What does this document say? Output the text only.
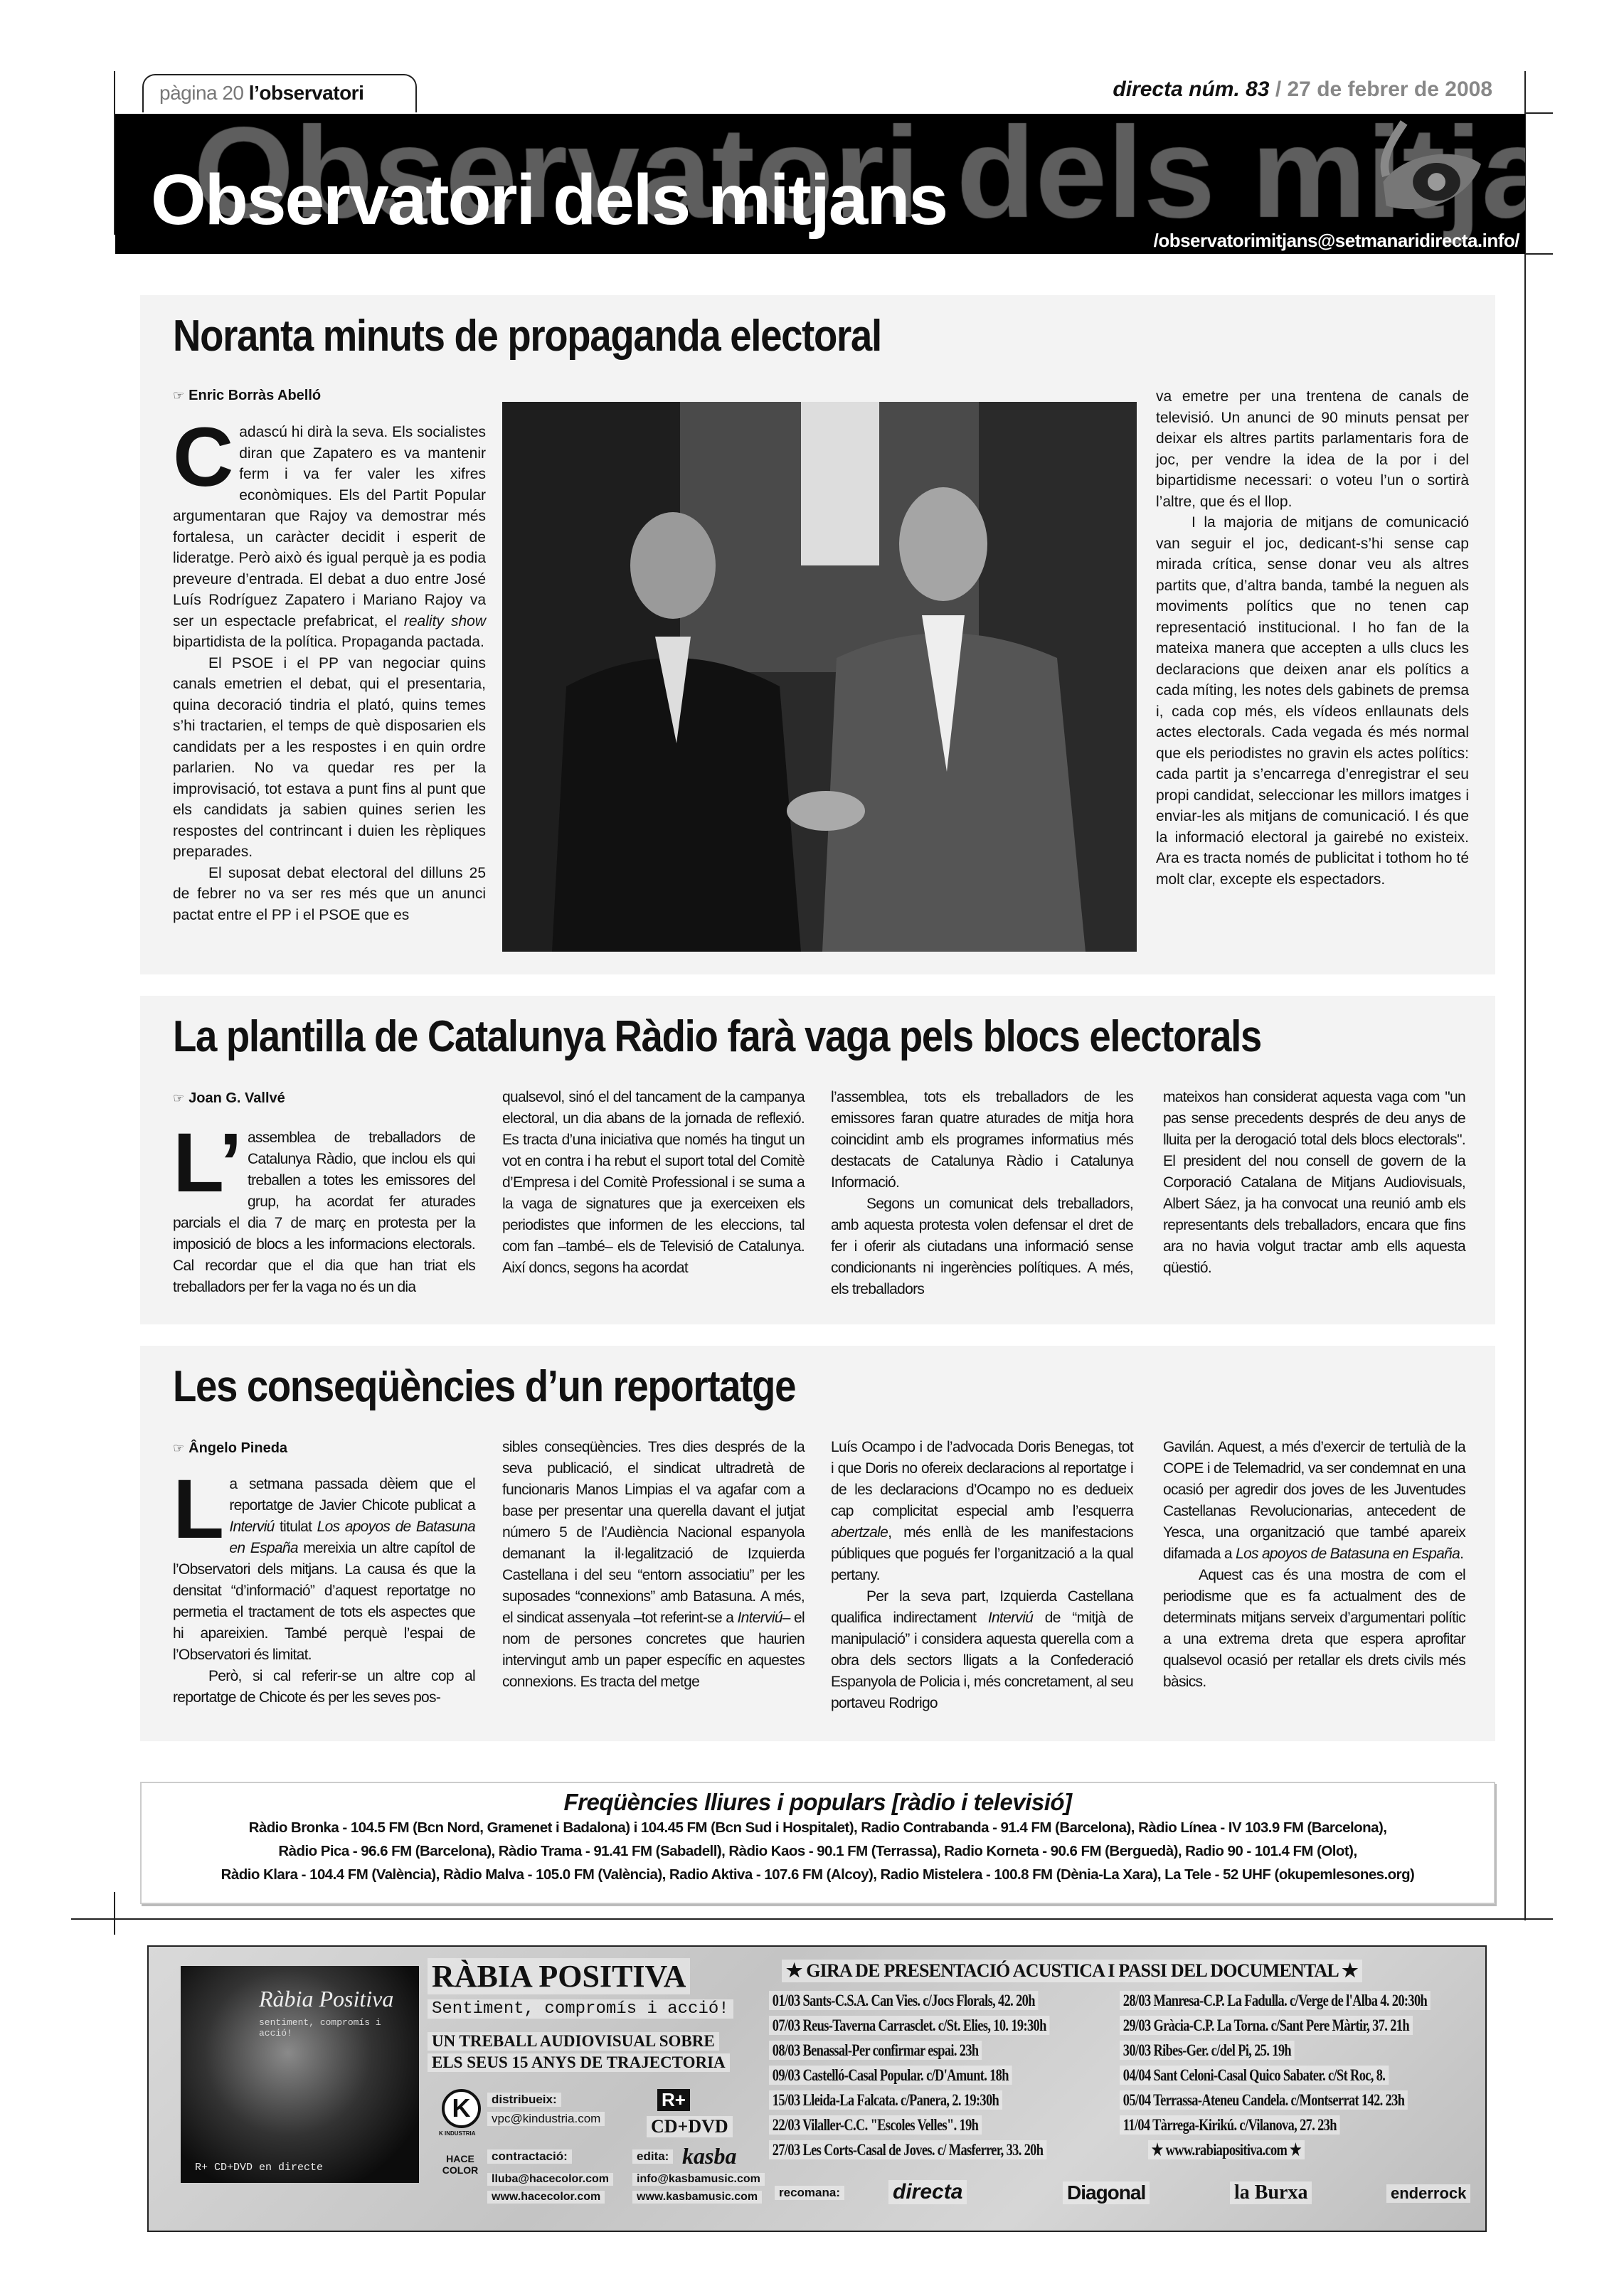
pàgina 20 l’observatori	directa núm. 83 / 27 de febrer de 2008
Observatori dels mitjans
/observatorimitjans@setmanaridirecta.info/
Noranta minuts de propaganda electoral
☞ Enric Borràs Abelló

Cadascú hi dirà la seva. Els socialistes diran que Zapatero es va mantenir ferm i va fer valer les xifres econòmiques. Els del Partit Popular argumentaran que Rajoy va demostrar més fortalesa, un caràcter decidit i esperit de lideratge. Però això és igual perquè ja es podia preveure d’entrada. El debat a duo entre José Luís Rodríguez Zapatero i Mariano Rajoy va ser un espectacle prefabricat, el reality show bipartidista de la política. Propaganda pactada.

El PSOE i el PP van negociar quins canals emetrien el debat, qui el presentaria, quina decoració tindria el plató, quins temes s’hi tractarien, el temps de què disposarien els candidats per a les respostes i en quin ordre parlarien. No va quedar res per la improvisació, tot estava a punt fins al punt que els candidats ja sabien quines serien les respostes del contrincant i duien les rèpliques preparades.

El suposat debat electoral del dilluns 25 de febrer no va ser res més que un anunci pactat entre el PP i el PSOE que es

va emetre per una trentena de canals de televisió. Un anunci de 90 minuts pensat per deixar els altres partits parlamentaris fora de joc, per vendre la idea de la por i del bipartidisme necessari: o voteu l’un o sortirà l’altre, que és el llop.

I la majoria de mitjans de comunicació van seguir el joc, dedicant-s’hi sense cap mirada crítica, sense donar veu als altres partits que, d’altra banda, també la neguen als moviments polítics que no tenen cap representació institucional. I ho fan de la mateixa manera que accepten a ulls clucs les declaracions que deixen anar els polítics a cada míting, les notes dels gabinets de premsa i, cada cop més, els vídeos enllaunats dels actes electorals. Cada vegada és més normal que els periodistes no gravin els actes polítics: cada partit ja s’encarrega d’enregistrar el seu propi candidat, seleccionar les millors imatges i enviar-les als mitjans de comunicació. I és que la informació electoral ja gairebé no existeix. Ara es tracta només de publicitat i tothom ho té molt clar, excepte els espectadors.

La plantilla de Catalunya Ràdio farà vaga pels blocs electorals
☞ Joan G. Vallvé

L’ assemblea de treballadors de Catalunya Ràdio, que inclou els qui treballen a totes les emissores del grup, ha acordat fer aturades parcials el dia 7 de març en protesta per la imposició de blocs a les informacions electorals. Cal recordar que el dia que han triat els treballadors per fer la vaga no és un dia

qualsevol, sinó el del tancament de la campanya electoral, un dia abans de la jornada de reflexió. Es tracta d’una iniciativa que només ha tingut un vot en contra i ha rebut el suport total del Comitè d’Empresa i del Comitè Professional i se suma a la vaga de signatures que ja exerceixen els periodistes que informen de les eleccions, tal com fan –també– els de Televisió de Catalunya. Així doncs, segons ha acordat

l’assemblea, tots els treballadors de les emissores faran quatre aturades de mitja hora coincidint amb els programes informatius més destacats de Catalunya Ràdio i Catalunya Informació.

Segons un comunicat dels treballadors, amb aquesta protesta volen defensar el dret de fer i oferir als ciutadans una informació sense condicionants ni ingerències polítiques. A més, els treballadors

mateixos han considerat aquesta vaga com "un pas sense precedents després de deu anys de lluita per la derogació total dels blocs electorals". El president del nou consell de govern de la Corporació Catalana de Mitjans Audiovisuals, Albert Sáez, ja ha convocat una reunió amb els representants dels treballadors, encara que fins ara no havia volgut tractar amb ells aquesta qüestió.

Les conseqüències d’un reportatge
☞ Ângelo Pineda

La setmana passada dèiem que el reportatge de Javier Chicote publicat a Interviú titulat Los apoyos de Batasuna en España mereixia un altre capítol de l’Observatori dels mitjans. La causa és que la densitat “d’informació” d’aquest reportatge no permetia el tractament de tots els aspectes que hi apareixien. També perquè l’espai de l’Observatori és limitat.

Però, si cal referir-se un altre cop al reportatge de Chicote és per les seves pos-

sibles conseqüències. Tres dies després de la seva publicació, el sindicat ultradretà de funcionaris Manos Limpias el va agafar com a base per presentar una querella davant el jutjat número 5 de l’Audiència Nacional espanyola demanant la il·legalització de Izquierda Castellana i del seu “entorn associatiu” per les suposades “connexions” amb Batasuna. A més, el sindicat assenyala –tot referint-se a Interviú– el nom de persones concretes que haurien intervingut amb un paper específic en aquestes connexions. Es tracta del metge

Luís Ocampo i de l’advocada Doris Benegas, tot i que Doris no ofereix declaracions al reportatge i de les declaracions d’Ocampo no es dedueix cap complicitat especial amb l’esquerra abertzale, més enllà de les manifestacions públiques que pogués fer l’organització a la qual pertany.

Per la seva part, Izquierda Castellana qualifica indirectament Interviú de “mitjà de manipulació” i considera aquesta querella com a obra dels sectors lligats a la Confederació Espanyola de Policia i, més concretament, al seu portaveu Rodrigo

Gavilán. Aquest, a més d’exercir de tertulià de la COPE i de Telemadrid, va ser condemnat en una ocasió per agredir dos joves de les Juventudes Castellanas Revolucionarias, antecedent de Yesca, una organització que també apareix difamada a Los apoyos de Batasuna en España.

Aquest cas és una mostra de com el periodisme que es fa actualment des de determinats mitjans serveix d’argumentari polític a una extrema dreta que espera aprofitar qualsevol ocasió per retallar els drets civils més bàsics.

Freqüències lliures i populars [ràdio i televisió]
Ràdio Bronka - 104.5 FM (Bcn Nord, Gramenet i Badalona) i 104.45 FM (Bcn Sud i Hospitalet), Radio Contrabanda - 91.4 FM (Barcelona), Ràdio Línea - IV 103.9 FM (Barcelona),
Ràdio Pica - 96.6 FM (Barcelona), Ràdio Trama - 91.41 FM (Sabadell), Ràdio Kaos - 90.1 FM (Terrassa), Radio Korneta - 90.6 FM (Berguedà), Radio 90 - 101.4 FM (Olot),
Ràdio Klara - 104.4 FM (València), Ràdio Malva - 105.0 FM (València), Radio Aktiva - 107.6 FM (Alcoy), Radio Mistelera - 100.8 FM (Dènia-La Xara), La Tele - 52 UHF (okupemlesones.org)
Ràbia Positiva
sentiment, compromís i acció!
R+ CD+DVD en directe
RÀBIA POSITIVA
Sentiment, compromís i acció!
UN TREBALL AUDIOVISUAL SOBRE
ELS SEUS 15 ANYS DE TRAJECTORIA
K
K INDUSTRIA
distribueix:
vpc@kindustria.com
R+
CD+DVD
HACE COLOR
contractació:
lluba@hacecolor.com
www.hacecolor.com
edita: kasba
info@kasbamusic.com
www.kasbamusic.com
★ GIRA DE PRESENTACIÓ ACUSTICA I PASSI DEL DOCUMENTAL ★
01/03 Sants-C.S.A. Can Vies. c/Jocs Florals, 42. 20h
07/03 Reus-Taverna Carrasclet. c/St. Elies, 10. 19:30h
08/03 Benassal-Per confirmar espai. 23h
09/03 Castelló-Casal Popular. c/D'Amunt. 18h
15/03 Lleida-La Falcata. c/Panera, 2. 19:30h
22/03 Vilaller-C.C. "Escoles Velles". 19h
27/03 Les Corts-Casal de Joves. c/ Masferrer, 33. 20h
28/03 Manresa-C.P. La Fadulla. c/Verge de l'Alba 4. 20:30h
29/03 Gràcia-C.P. La Torna. c/Sant Pere Màrtir, 37. 21h
30/03 Ribes-Ger. c/del Pi, 25. 19h
04/04 Sant Celoni-Casal Quico Sabater. c/St Roc, 8.
05/04 Terrassa-Ateneu Candela. c/Montserrat 142. 23h
11/04 Tàrrega-Kirikú. c/Vilanova, 27. 23h
★ www.rabiapositiva.com ★
recomana: directa	Diagonal	la Burxa	enderrock
